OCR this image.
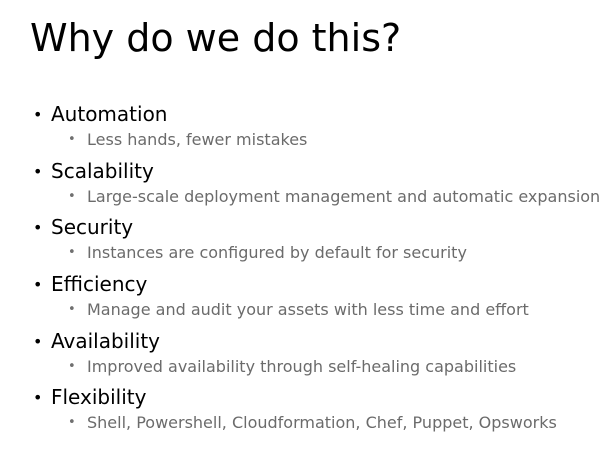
Why do we do this?
• Automation
• Less hands, fewer mistakes
• Scalability
• Large-scale deployment management and automatic expansion
• Security
• Instances are configured by default for security
• Efficiency
• Manage and audit your assets with less time and effort
• Availability
• Improved availability through self-healing capabilities
• Flexibility
• Shell, Powershell, Cloudformation, Chef, Puppet, Opsworks
